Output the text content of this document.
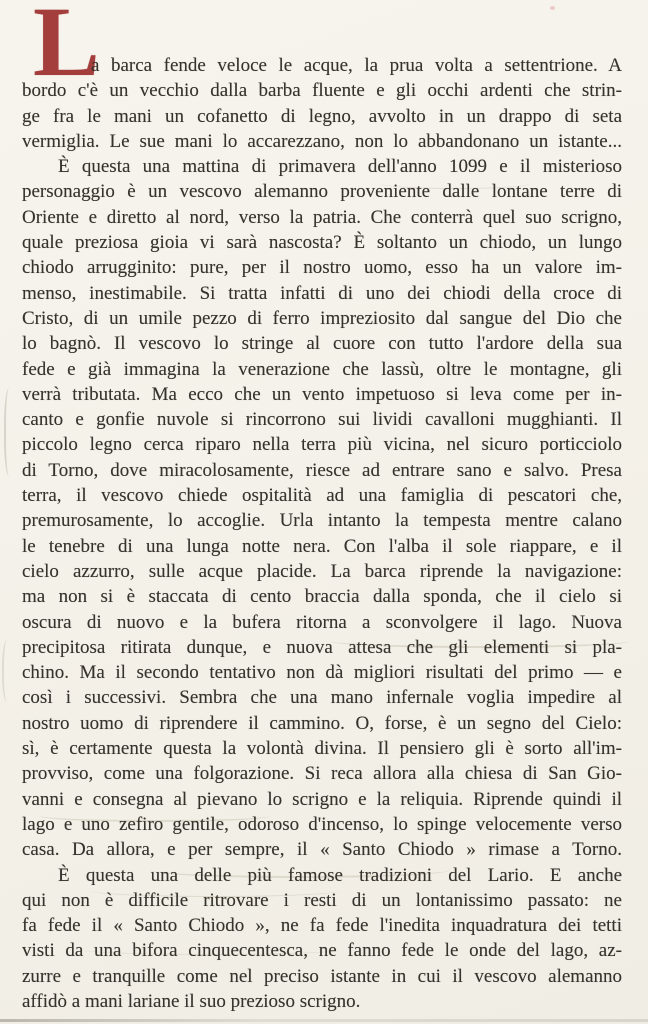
L
a barca fende veloce le acque, la prua volta a settentrione. A
bordo c'è un vecchio dalla barba fluente e gli occhi ardenti che strin-
ge fra le mani un cofanetto di legno, avvolto in un drappo di seta
vermiglia. Le sue mani lo accarezzano, non lo abbandonano un istante...
È questa una mattina di primavera dell'anno 1099 e il misterioso
personaggio è un vescovo alemanno proveniente dalle lontane terre di
Oriente e diretto al nord, verso la patria. Che conterrà quel suo scrigno,
quale preziosa gioia vi sarà nascosta? È soltanto un chiodo, un lungo
chiodo arrugginito: pure, per il nostro uomo, esso ha un valore im-
menso, inestimabile. Si tratta infatti di uno dei chiodi della croce di
Cristo, di un umile pezzo di ferro impreziosito dal sangue del Dio che
lo bagnò. Il vescovo lo stringe al cuore con tutto l'ardore della sua
fede e già immagina la venerazione che lassù, oltre le montagne, gli
verrà tributata. Ma ecco che un vento impetuoso si leva come per in-
canto e gonfie nuvole si rincorrono sui lividi cavalloni mugghianti. Il
piccolo legno cerca riparo nella terra più vicina, nel sicuro porticciolo
di Torno, dove miracolosamente, riesce ad entrare sano e salvo. Presa
terra, il vescovo chiede ospitalità ad una famiglia di pescatori che,
premurosamente, lo accoglie. Urla intanto la tempesta mentre calano
le tenebre di una lunga notte nera. Con l'alba il sole riappare, e il
cielo azzurro, sulle acque placide. La barca riprende la navigazione:
ma non si è staccata di cento braccia dalla sponda, che il cielo si
oscura di nuovo e la bufera ritorna a sconvolgere il lago. Nuova
precipitosa ritirata dunque, e nuova attesa che gli elementi si pla-
chino. Ma il secondo tentativo non dà migliori risultati del primo — e
così i successivi. Sembra che una mano infernale voglia impedire al
nostro uomo di riprendere il cammino. O, forse, è un segno del Cielo:
sì, è certamente questa la volontà divina. Il pensiero gli è sorto all'im-
provviso, come una folgorazione. Si reca allora alla chiesa di San Gio-
vanni e consegna al pievano lo scrigno e la reliquia. Riprende quindi il
lago e uno zefiro gentile, odoroso d'incenso, lo spinge velocemente verso
casa. Da allora, e per sempre, il « Santo Chiodo » rimase a Torno.
È questa una delle più famose tradizioni del Lario. E anche
qui non è difficile ritrovare i resti di un lontanissimo passato: ne
fa fede il « Santo Chiodo », ne fa fede l'inedita inquadratura dei tetti
visti da una bifora cinquecentesca, ne fanno fede le onde del lago, az-
zurre e tranquille come nel preciso istante in cui il vescovo alemanno
affidò a mani lariane il suo prezioso scrigno.
